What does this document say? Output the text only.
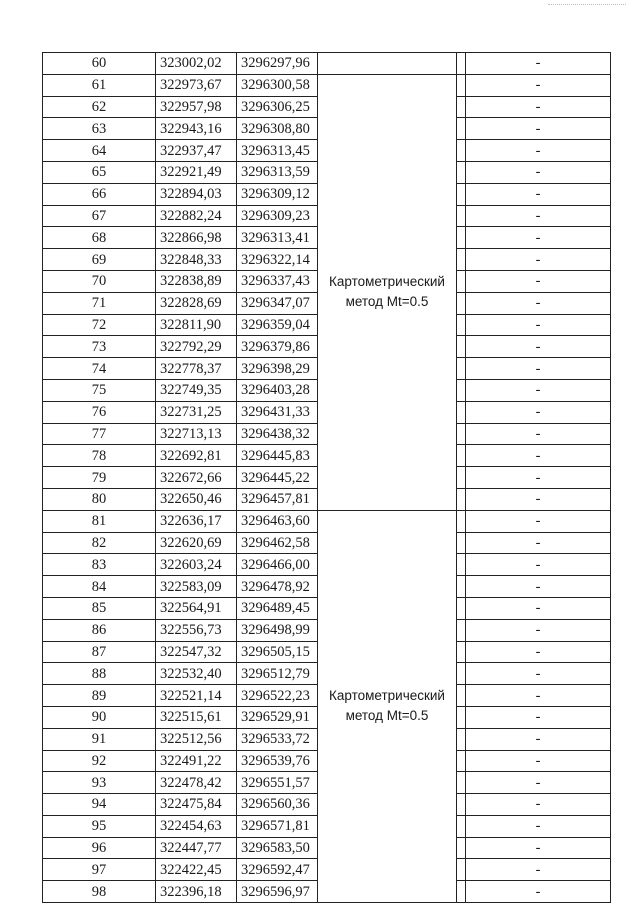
60	323002,02	3296297,96			-
61	322973,67	3296300,58	Картометрический
метод Mt=0.5		-
62	322957,98	3296306,25			-
63	322943,16	3296308,80			-
64	322937,47	3296313,45			-
65	322921,49	3296313,59			-
66	322894,03	3296309,12			-
67	322882,24	3296309,23			-
68	322866,98	3296313,41			-
69	322848,33	3296322,14			-
70	322838,89	3296337,43			-
71	322828,69	3296347,07			-
72	322811,90	3296359,04			-
73	322792,29	3296379,86			-
74	322778,37	3296398,29			-
75	322749,35	3296403,28			-
76	322731,25	3296431,33			-
77	322713,13	3296438,32			-
78	322692,81	3296445,83			-
79	322672,66	3296445,22			-
80	322650,46	3296457,81			-
81	322636,17	3296463,60	Картометрический
метод Mt=0.5		-
82	322620,69	3296462,58			-
83	322603,24	3296466,00			-
84	322583,09	3296478,92			-
85	322564,91	3296489,45			-
86	322556,73	3296498,99			-
87	322547,32	3296505,15			-
88	322532,40	3296512,79			-
89	322521,14	3296522,23			-
90	322515,61	3296529,91			-
91	322512,56	3296533,72			-
92	322491,22	3296539,76			-
93	322478,42	3296551,57			-
94	322475,84	3296560,36			-
95	322454,63	3296571,81			-
96	322447,77	3296583,50			-
97	322422,45	3296592,47			-
98	322396,18	3296596,97			-
